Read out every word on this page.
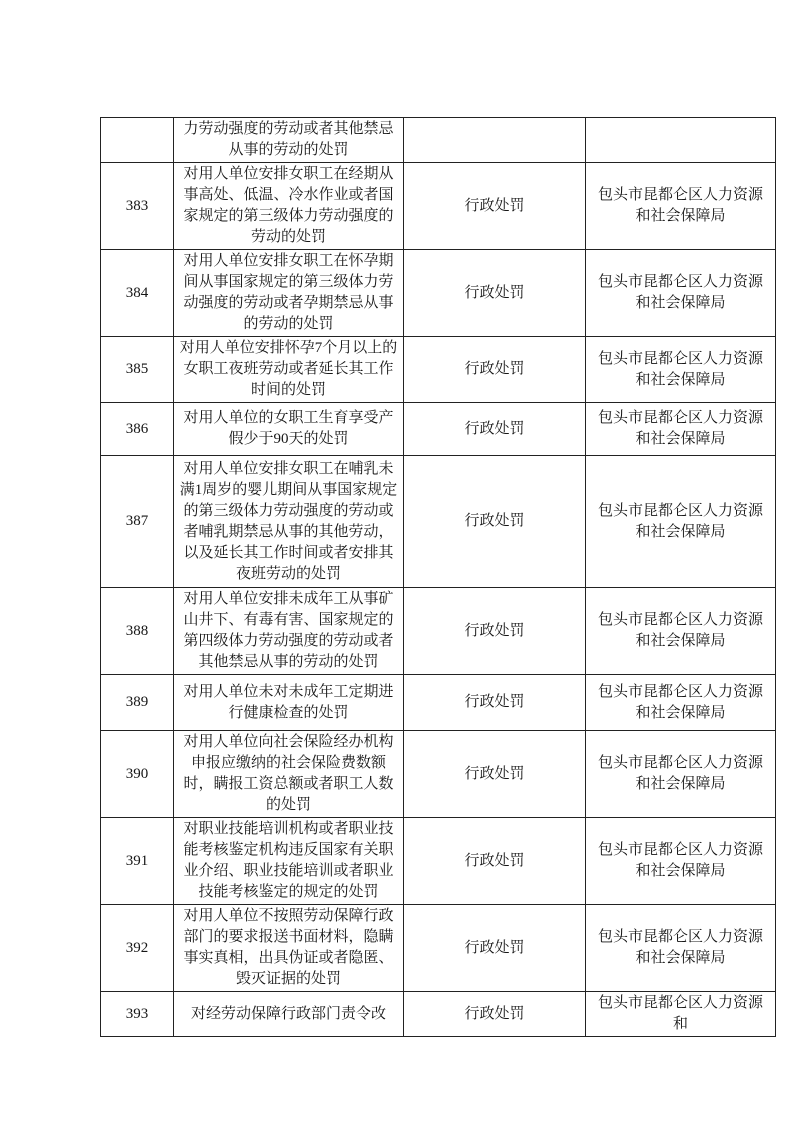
	力劳动强度的劳动或者其他禁忌从事的劳动的处罚		
383	对用人单位安排女职工在经期从事高处、低温、冷水作业或者国家规定的第三级体力劳动强度的劳动的处罚	行政处罚	包头市昆都仑区人力资源和社会保障局
384	对用人单位安排女职工在怀孕期间从事国家规定的第三级体力劳动强度的劳动或者孕期禁忌从事的劳动的处罚	行政处罚	包头市昆都仑区人力资源和社会保障局
385	对用人单位安排怀孕7个月以上的女职工夜班劳动或者延长其工作时间的处罚	行政处罚	包头市昆都仑区人力资源和社会保障局
386	对用人单位的女职工生育享受产假少于90天的处罚	行政处罚	包头市昆都仑区人力资源和社会保障局
387	对用人单位安排女职工在哺乳未满1周岁的婴儿期间从事国家规定的第三级体力劳动强度的劳动或者哺乳期禁忌从事的其他劳动，以及延长其工作时间或者安排其夜班劳动的处罚	行政处罚	包头市昆都仑区人力资源和社会保障局
388	对用人单位安排未成年工从事矿山井下、有毒有害、国家规定的第四级体力劳动强度的劳动或者其他禁忌从事的劳动的处罚	行政处罚	包头市昆都仑区人力资源和社会保障局
389	对用人单位未对未成年工定期进行健康检查的处罚	行政处罚	包头市昆都仑区人力资源和社会保障局
390	对用人单位向社会保险经办机构申报应缴纳的社会保险费数额时，瞒报工资总额或者职工人数的处罚	行政处罚	包头市昆都仑区人力资源和社会保障局
391	对职业技能培训机构或者职业技能考核鉴定机构违反国家有关职业介绍、职业技能培训或者职业技能考核鉴定的规定的处罚	行政处罚	包头市昆都仑区人力资源和社会保障局
392	对用人单位不按照劳动保障行政部门的要求报送书面材料，隐瞒事实真相，出具伪证或者隐匿、毁灭证据的处罚	行政处罚	包头市昆都仑区人力资源和社会保障局
393	对经劳动保障行政部门责令改	行政处罚	包头市昆都仑区人力资源和
